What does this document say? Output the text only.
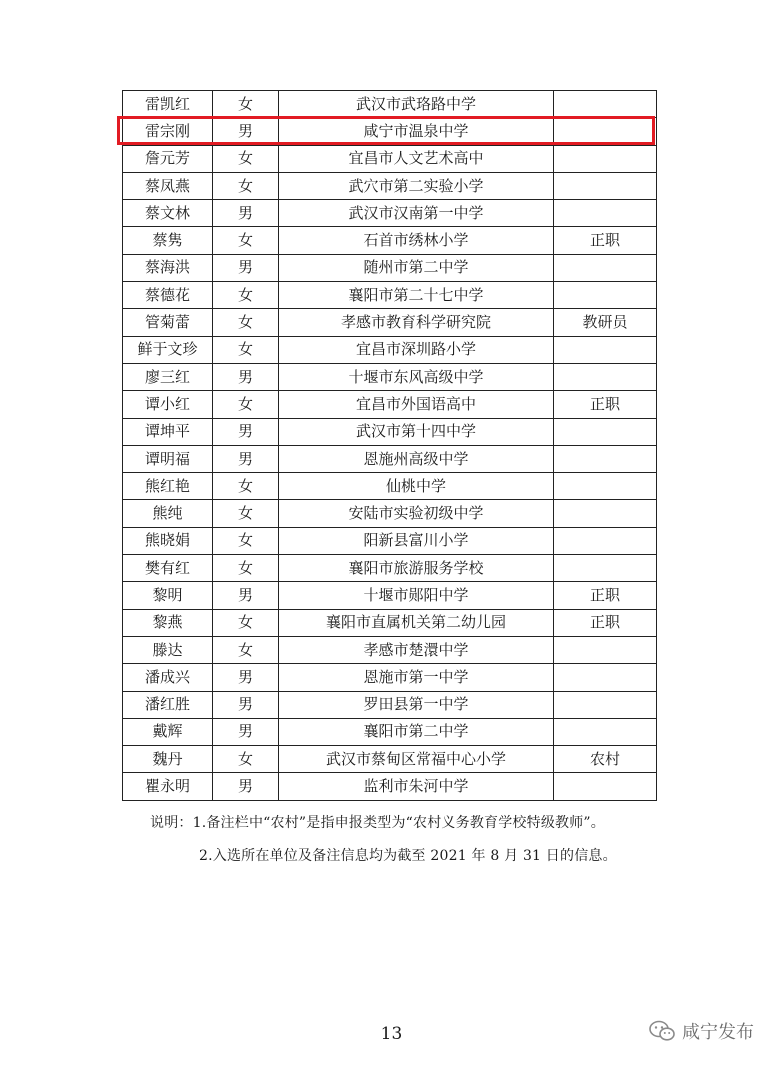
雷凯红	女	武汉市武珞路中学	
雷宗刚	男	咸宁市温泉中学	
詹元芳	女	宜昌市人文艺术高中	
蔡凤燕	女	武穴市第二实验小学	
蔡文林	男	武汉市汉南第一中学	
蔡隽	女	石首市绣林小学	正职
蔡海洪	男	随州市第二中学	
蔡德花	女	襄阳市第二十七中学	
管菊蕾	女	孝感市教育科学研究院	教研员
鲜于文珍	女	宜昌市深圳路小学	
廖三红	男	十堰市东风高级中学	
谭小红	女	宜昌市外国语高中	正职
谭坤平	男	武汉市第十四中学	
谭明福	男	恩施州高级中学	
熊红艳	女	仙桃中学	
熊纯	女	安陆市实验初级中学	
熊晓娟	女	阳新县富川小学	
樊有红	女	襄阳市旅游服务学校	
黎明	男	十堰市郧阳中学	正职
黎燕	女	襄阳市直属机关第二幼儿园	正职
滕达	女	孝感市楚澴中学	
潘成兴	男	恩施市第一中学	
潘红胜	男	罗田县第一中学	
戴辉	男	襄阳市第二中学	
魏丹	女	武汉市蔡甸区常福中心小学	农村
瞿永明	男	监利市朱河中学	
说明：1.备注栏中“农村”是指申报类型为“农村义务教育学校特级教师”。
2.入选所在单位及备注信息均为截至 2021 年 8 月 31 日的信息。
13	咸宁发布
